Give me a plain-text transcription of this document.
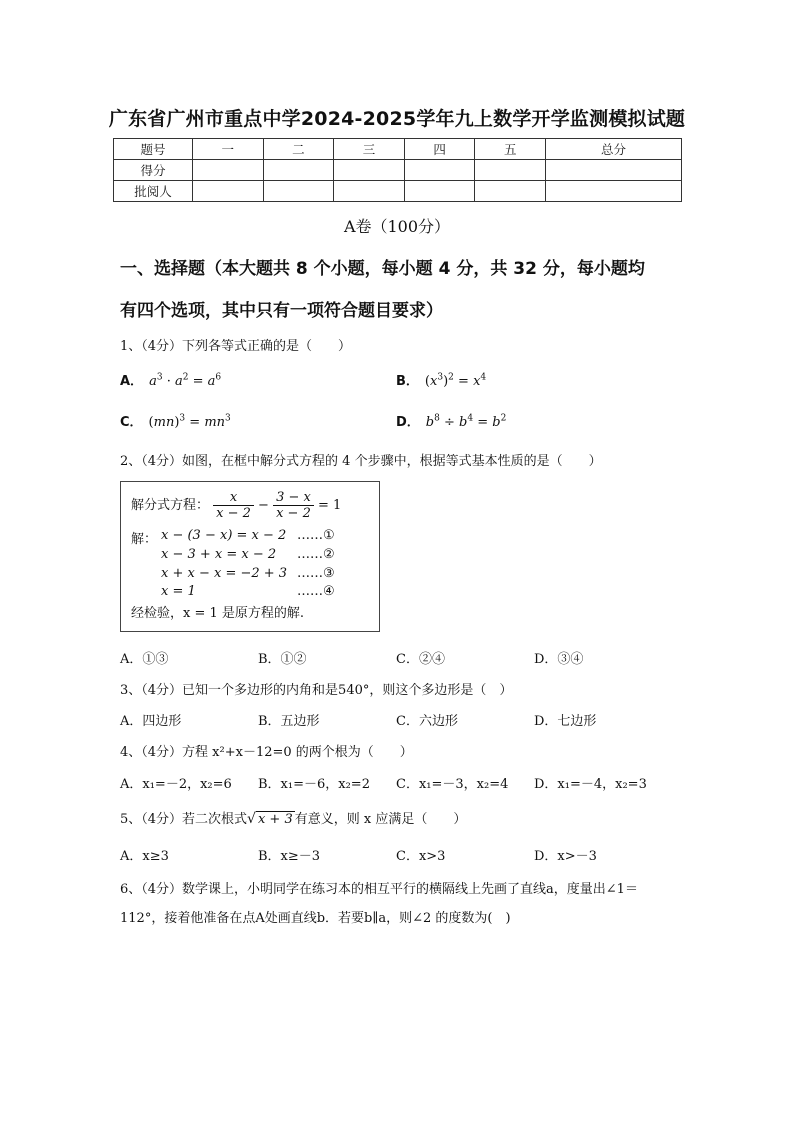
广东省广州市重点中学2024-2025学年九上数学开学监测模拟试题
题号	一	二	三	四	五	总分
得分						
批阅人						
A卷（100分）
一、选择题（本大题共 8 个小题，每小题 4 分，共 32 分，每小题均
有四个选项，其中只有一项符合题目要求）
1、（4分）下列各等式正确的是（　　）
A． $a^3 \cdot a^2 = a^6$	B． $(x^3)^2 = x^4$
C． $(mn)^3 = mn^3$	D． $b^8 \div b^4 = b^2$
2、（4分）如图，在框中解分式方程的 4 个步骤中，根据等式基本性质的是（　　）
解分式方程： $\frac{x}{x - 2} - \frac{3 - x}{x - 2} = 1$
解： x − (3 − x) = x − 2 ……①
x − 3 + x = x − 2 ……②
x + x − x = −2 + 3 ……③
x = 1	……④
经检验，x = 1 是原方程的解.
A．①③	B．①②	C．②④	D．③④
3、（4分）已知一个多边形的内角和是540°，则这个多边形是（　）
A．四边形	B．五边形	C．六边形	D．七边形
4、（4分）方程 x²+x－12=0 的两个根为（　　）
A．x₁=－2，x₂=6 B．x₁=－6，x₂=2 C．x₁=－3，x₂=4 D．x₁=－4，x₂=3
5、（4分）若二次根式√ x + 3 有意义，则 x 应满足（　　）
A．x≥3	B．x≥－3	C．x>3	D．x>－3
6、（4分）数学课上，小明同学在练习本的相互平行的横隔线上先画了直线a，度量出∠1＝
112°，接着他准备在点A处画直线b．若要b∥a，则∠2 的度数为(　)
